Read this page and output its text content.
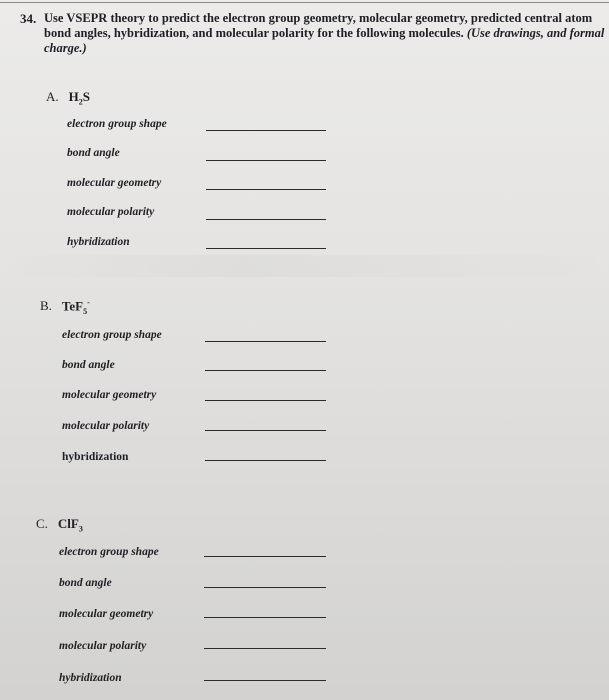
34. Use VSEPR theory to predict the electron group geometry, molecular geometry, predicted central atom bond angles, hybridization, and molecular polarity for the following molecules. (Use drawings, and formal charge.)
A. $H_2S$
electron group shape
bond angle
molecular geometry
molecular polarity
hybridization
B. TeF$_5$-
electron group shape
bond angle
molecular geometry
molecular polarity
hybridization
C. ClF$_3$
electron group shape
bond angle
molecular geometry
molecular polarity
hybridization
